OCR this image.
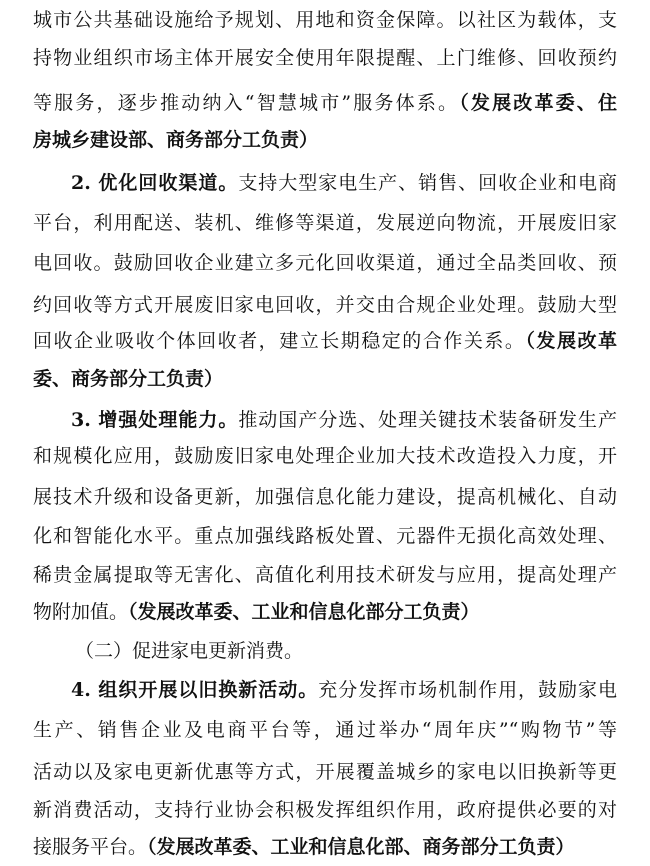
城市公共基础设施给予规划、用地和资金保障。以社区为载体，支
持物业组织市场主体开展安全使用年限提醒、上门维修、回收预约
等服务，逐步推动纳入“智慧城市”服务体系。（发展改革委、住
房城乡建设部、商务部分工负责）
2. 优化回收渠道。支持大型家电生产、销售、回收企业和电商
平台，利用配送、装机、维修等渠道，发展逆向物流，开展废旧家
电回收。鼓励回收企业建立多元化回收渠道，通过全品类回收、预
约回收等方式开展废旧家电回收，并交由合规企业处理。鼓励大型
回收企业吸收个体回收者，建立长期稳定的合作关系。（发展改革
委、商务部分工负责）
3. 增强处理能力。推动国产分选、处理关键技术装备研发生产
和规模化应用，鼓励废旧家电处理企业加大技术改造投入力度，开
展技术升级和设备更新，加强信息化能力建设，提高机械化、自动
化和智能化水平。重点加强线路板处置、元器件无损化高效处理、
稀贵金属提取等无害化、高值化利用技术研发与应用，提高处理产
物附加值。（发展改革委、工业和信息化部分工负责）
（二）促进家电更新消费。
4. 组织开展以旧换新活动。充分发挥市场机制作用，鼓励家电
生产、销售企业及电商平台等，通过举办“周年庆”“购物节”等
活动以及家电更新优惠等方式，开展覆盖城乡的家电以旧换新等更
新消费活动，支持行业协会积极发挥组织作用，政府提供必要的对
接服务平台。（发展改革委、工业和信息化部、商务部分工负责）
